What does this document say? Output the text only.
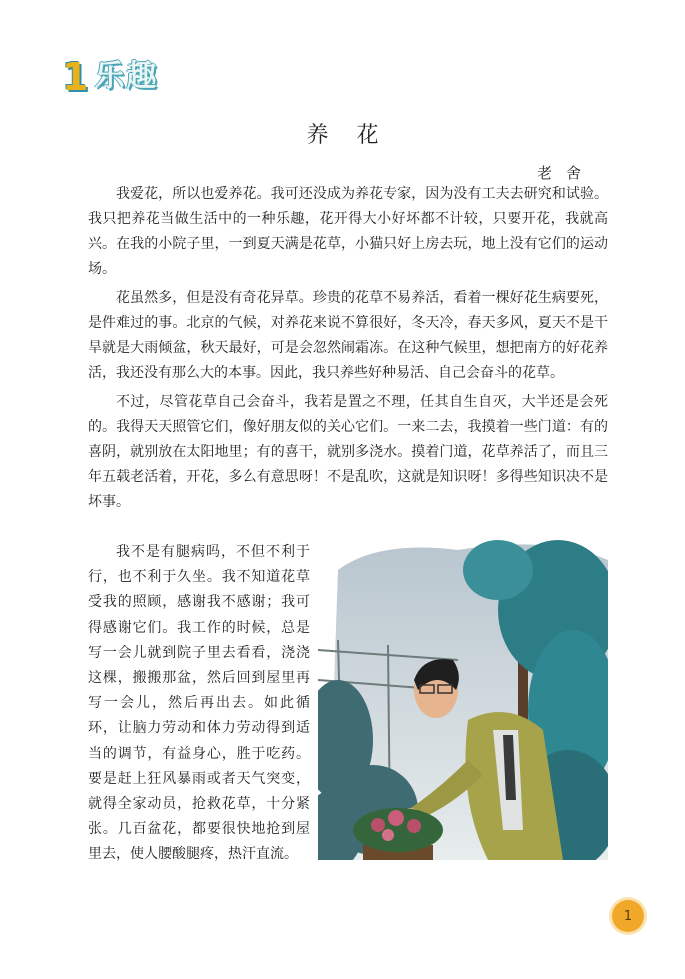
1 乐趣
养花
老舍

我爱花，所以也爱养花。我可还没成为养花专家，因为没有工夫去研究和试验。我只把养花当做生活中的一种乐趣，花开得大小好坏都不计较，只要开花，我就高兴。在我的小院子里，一到夏天满是花草，小猫只好上房去玩，地上没有它们的运动场。

花虽然多，但是没有奇花异草。珍贵的花草不易养活，看着一棵好花生病要死，是件难过的事。北京的气候，对养花来说不算很好，冬天冷，春天多风，夏天不是干旱就是大雨倾盆，秋天最好，可是会忽然闹霜冻。在这种气候里，想把南方的好花养活，我还没有那么大的本事。因此，我只养些好种易活、自己会奋斗的花草。

不过，尽管花草自己会奋斗，我若是置之不理，任其自生自灭，大半还是会死的。我得天天照管它们，像好朋友似的关心它们。一来二去，我摸着一些门道：有的喜阴，就别放在太阳地里；有的喜干，就别多浇水。摸着门道，花草养活了，而且三年五载老活着，开花，多么有意思呀！不是乱吹，这就是知识呀！多得些知识决不是坏事。

我不是有腿病吗，不但不利于行，也不利于久坐。我不知道花草受我的照顾，感谢我不感谢；我可得感谢它们。我工作的时候，总是写一会儿就到院子里去看看，浇浇这棵，搬搬那盆，然后回到屋里再写一会儿，然后再出去。如此循环，让脑力劳动和体力劳动得到适当的调节，有益身心，胜于吃药。要是赶上狂风暴雨或者天气突变，就得全家动员，抢救花草，十分紧张。几百盆花，都要很快地抢到屋里去，使人腰酸腿疼，热汗直流。

1
